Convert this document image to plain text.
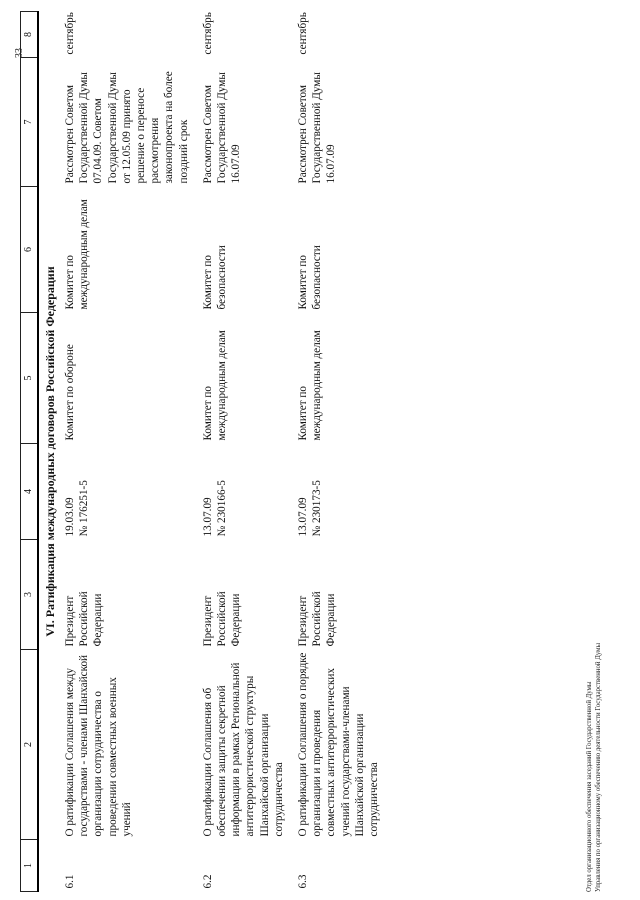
33
1	2	3	4	5	6	7	8
VI. Ратификация международных договоров Российской Федерации							
6.1	О ратификации Соглашения между государствами - членами Шанхайской организации сотрудничества о проведении совместных военных учений	Президент Российской Федерации	19.03.09 № 176251-5	Комитет по обороне	Комитет по международным делам	Рассмотрен Советом Государственной Думы 07.04.09. Советом Государственной Думы от 12.05.09 принято решение о переносе рассмотрения законопроекта на более поздний срок	сентябрь
6.2	О ратификации Соглашения об обеспечении защиты секретной информации в рамках Региональной антитеррористической структуры Шанхайской организации сотрудничества	Президент Российской Федерации	13.07.09 № 230166-5	Комитет по международным делам	Комитет по безопасности	Рассмотрен Советом Государственной Думы 16.07.09	сентябрь
6.3	О ратификации Соглашения о порядке организации и проведения совместных антитеррористических учений государствами-членами Шанхайской организации сотрудничества	Президент Российской Федерации	13.07.09 № 230173-5	Комитет по международным делам	Комитет по безопасности	Рассмотрен Советом Государственной Думы 16.07.09	сентябрь
Отдел организационного обеспечения заседаний Государственной Думы Управления по организационному обеспечению деятельности Государственной Думы
